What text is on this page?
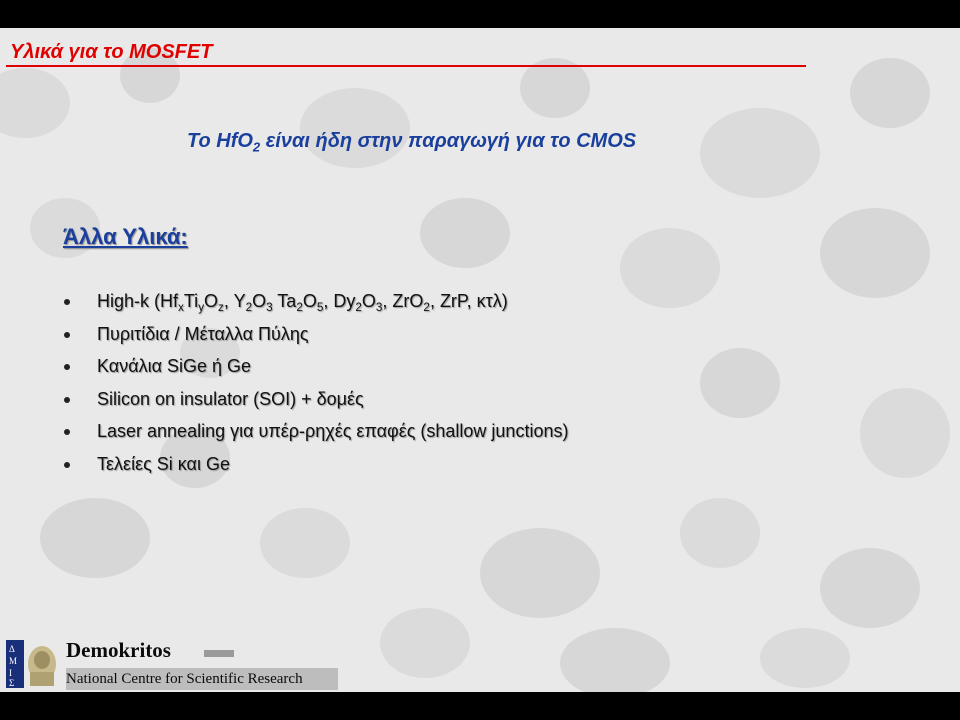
Υλικά για το MOSFET
Το HfO$_2$ είναι ήδη στην παραγωγή για το CMOS
Άλλα Υλικά:
High-k ($Hf_xTi_yO_z$, $Y_2O_3$ $Ta_2O_5$, $Dy_2O_3$, ZrO$_2$, ZrP, κτλ)
Πυριτίδια / Μέταλλα Πύλης
Κανάλια SiGe ή Ge
Silicon on insulator (SOI) + δομές
Laser annealing για υπέρ-ρηχές επαφές (shallow junctions)
Τελείες Si και Ge
Δ
Μ
Ι
Σ
Demokritos
National Centre for Scientific Research
